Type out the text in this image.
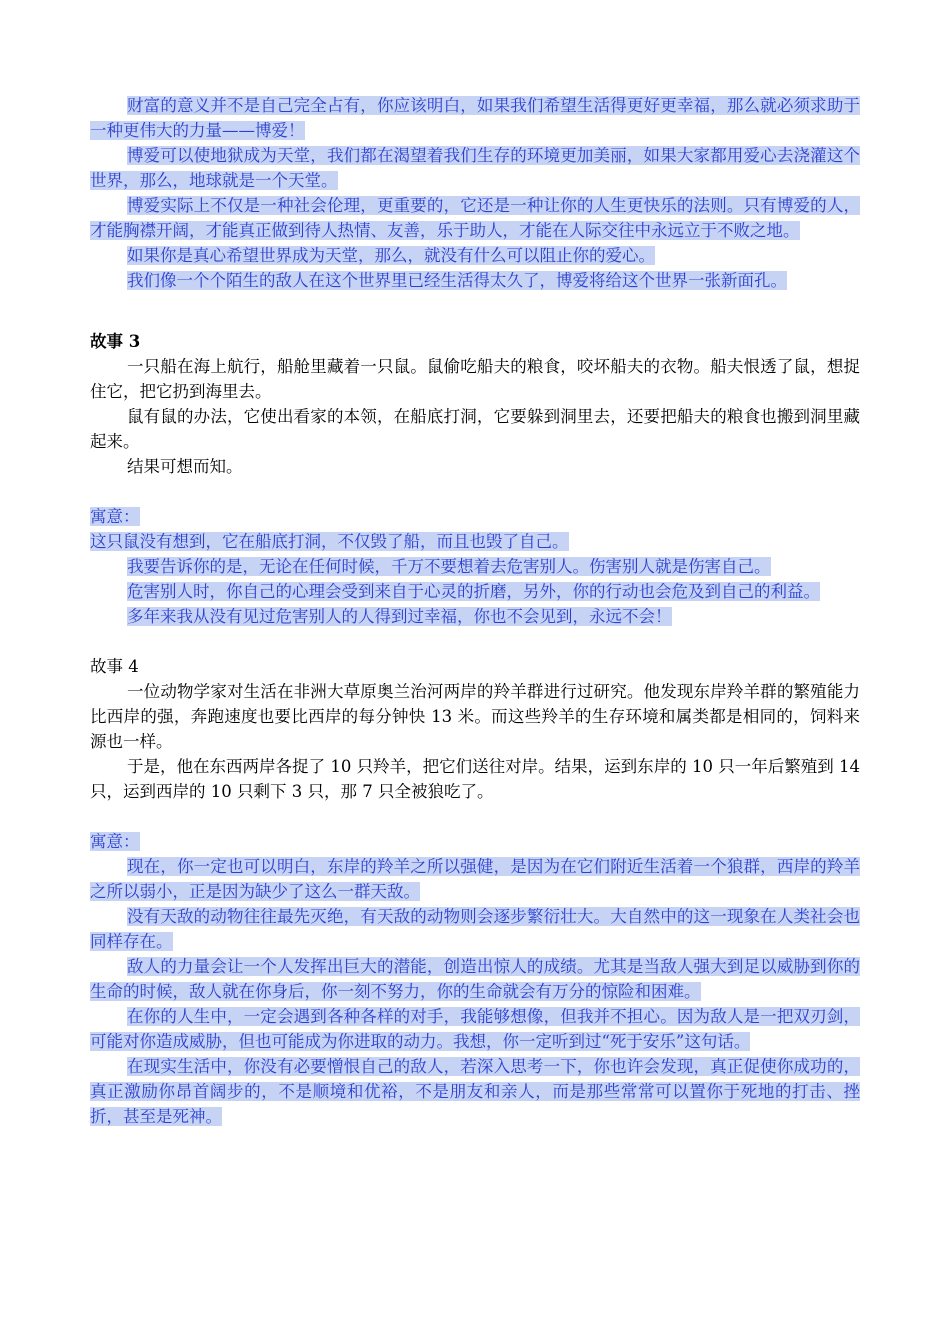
财富的意义并不是自己完全占有，你应该明白，如果我们希望生活得更好更幸福，那么就必须求助于一种更伟大的力量——博爱！

博爱可以使地狱成为天堂，我们都在渴望着我们生存的环境更加美丽，如果大家都用爱心去浇灌这个世界，那么，地球就是一个天堂。

博爱实际上不仅是一种社会伦理，更重要的，它还是一种让你的人生更快乐的法则。只有博爱的人，才能胸襟开阔，才能真正做到待人热情、友善，乐于助人，才能在人际交往中永远立于不败之地。

如果你是真心希望世界成为天堂，那么，就没有什么可以阻止你的爱心。

我们像一个个陌生的敌人在这个世界里已经生活得太久了，博爱将给这个世界一张新面孔。

故事 3

一只船在海上航行，船舱里藏着一只鼠。鼠偷吃船夫的粮食，咬坏船夫的衣物。船夫恨透了鼠，想捉住它，把它扔到海里去。

鼠有鼠的办法，它使出看家的本领，在船底打洞，它要躲到洞里去，还要把船夫的粮食也搬到洞里藏起来。

结果可想而知。

寓意：

这只鼠没有想到，它在船底打洞，不仅毁了船，而且也毁了自己。

我要告诉你的是，无论在任何时候，千万不要想着去危害别人。伤害别人就是伤害自己。

危害别人时，你自己的心理会受到来自于心灵的折磨，另外，你的行动也会危及到自己的利益。

多年来我从没有见过危害别人的人得到过幸福，你也不会见到，永远不会！

故事 4

一位动物学家对生活在非洲大草原奥兰治河两岸的羚羊群进行过研究。他发现东岸羚羊群的繁殖能力比西岸的强，奔跑速度也要比西岸的每分钟快 13 米。而这些羚羊的生存环境和属类都是相同的，饲料来源也一样。

于是，他在东西两岸各捉了 10 只羚羊，把它们送往对岸。结果，运到东岸的 10 只一年后繁殖到 14 只，运到西岸的 10 只剩下 3 只，那 7 只全被狼吃了。

寓意：

现在，你一定也可以明白，东岸的羚羊之所以强健，是因为在它们附近生活着一个狼群，西岸的羚羊之所以弱小，正是因为缺少了这么一群天敌。

没有天敌的动物往往最先灭绝，有天敌的动物则会逐步繁衍壮大。大自然中的这一现象在人类社会也同样存在。

敌人的力量会让一个人发挥出巨大的潜能，创造出惊人的成绩。尤其是当敌人强大到足以威胁到你的生命的时候，敌人就在你身后，你一刻不努力，你的生命就会有万分的惊险和困难。

在你的人生中，一定会遇到各种各样的对手，我能够想像，但我并不担心。因为敌人是一把双刃剑，可能对你造成威胁，但也可能成为你进取的动力。我想，你一定听到过“死于安乐”这句话。

在现实生活中，你没有必要憎恨自己的敌人，若深入思考一下，你也许会发现，真正促使你成功的，真正激励你昂首阔步的，不是顺境和优裕，不是朋友和亲人，而是那些常常可以置你于死地的打击、挫折，甚至是死神。
